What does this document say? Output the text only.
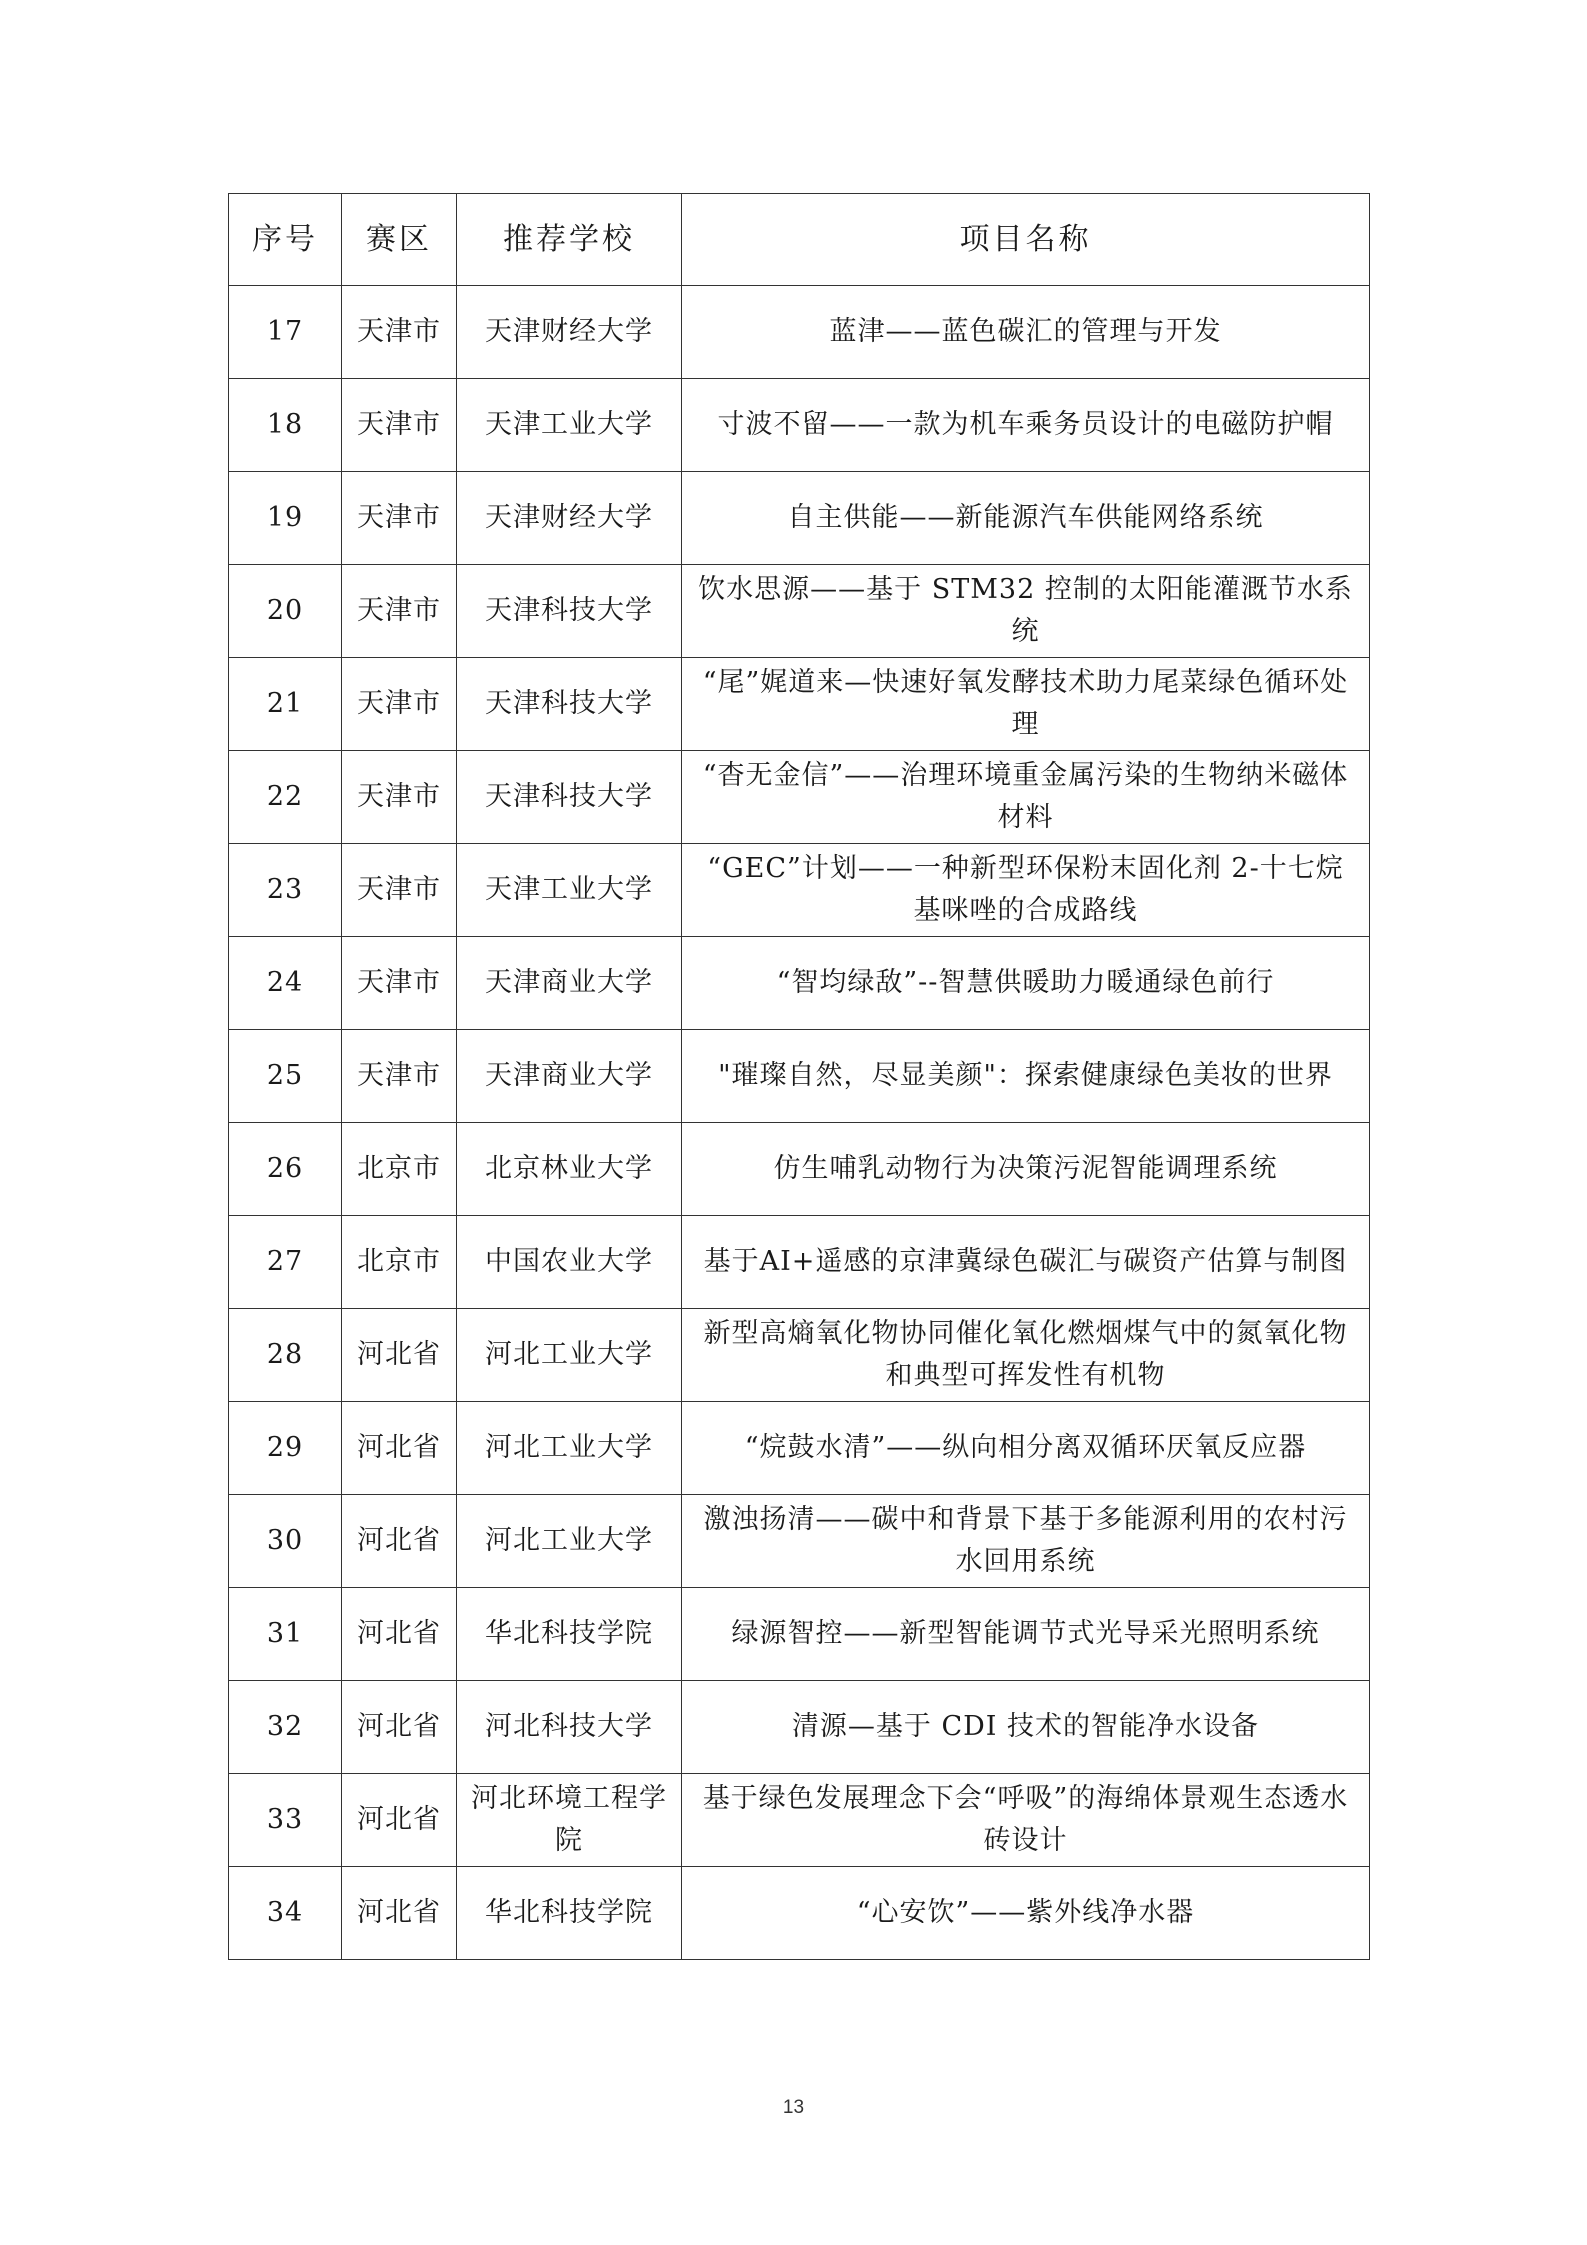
序号	赛区	推荐学校	项目名称
17	天津市	天津财经大学	蓝津——蓝色碳汇的管理与开发
18	天津市	天津工业大学	寸波不留——一款为机车乘务员设计的电磁防护帽
19	天津市	天津财经大学	自主供能——新能源汽车供能网络系统
20	天津市	天津科技大学	饮水思源——基于 STM32 控制的太阳能灌溉节水系统
21	天津市	天津科技大学	“尾”娓道来—快速好氧发酵技术助力尾菜绿色循环处理
22	天津市	天津科技大学	“杳无金信”——治理环境重金属污染的生物纳米磁体材料
23	天津市	天津工业大学	“GEC”计划——一种新型环保粉末固化剂 2-十七烷基咪唑的合成路线
24	天津市	天津商业大学	“智均绿敌”--智慧供暖助力暖通绿色前行
25	天津市	天津商业大学	"璀璨自然，尽显美颜"：探索健康绿色美妆的世界
26	北京市	北京林业大学	仿生哺乳动物行为决策污泥智能调理系统
27	北京市	中国农业大学	基于AI+遥感的京津冀绿色碳汇与碳资产估算与制图
28	河北省	河北工业大学	新型高熵氧化物协同催化氧化燃烟煤气中的氮氧化物和典型可挥发性有机物
29	河北省	河北工业大学	“烷鼓水清”——纵向相分离双循环厌氧反应器
30	河北省	河北工业大学	激浊扬清——碳中和背景下基于多能源利用的农村污水回用系统
31	河北省	华北科技学院	绿源智控——新型智能调节式光导采光照明系统
32	河北省	河北科技大学	清源—基于 CDI 技术的智能净水设备
33	河北省	河北环境工程学院	基于绿色发展理念下会“呼吸”的海绵体景观生态透水砖设计
34	河北省	华北科技学院	“心安饮”——紫外线净水器
13
